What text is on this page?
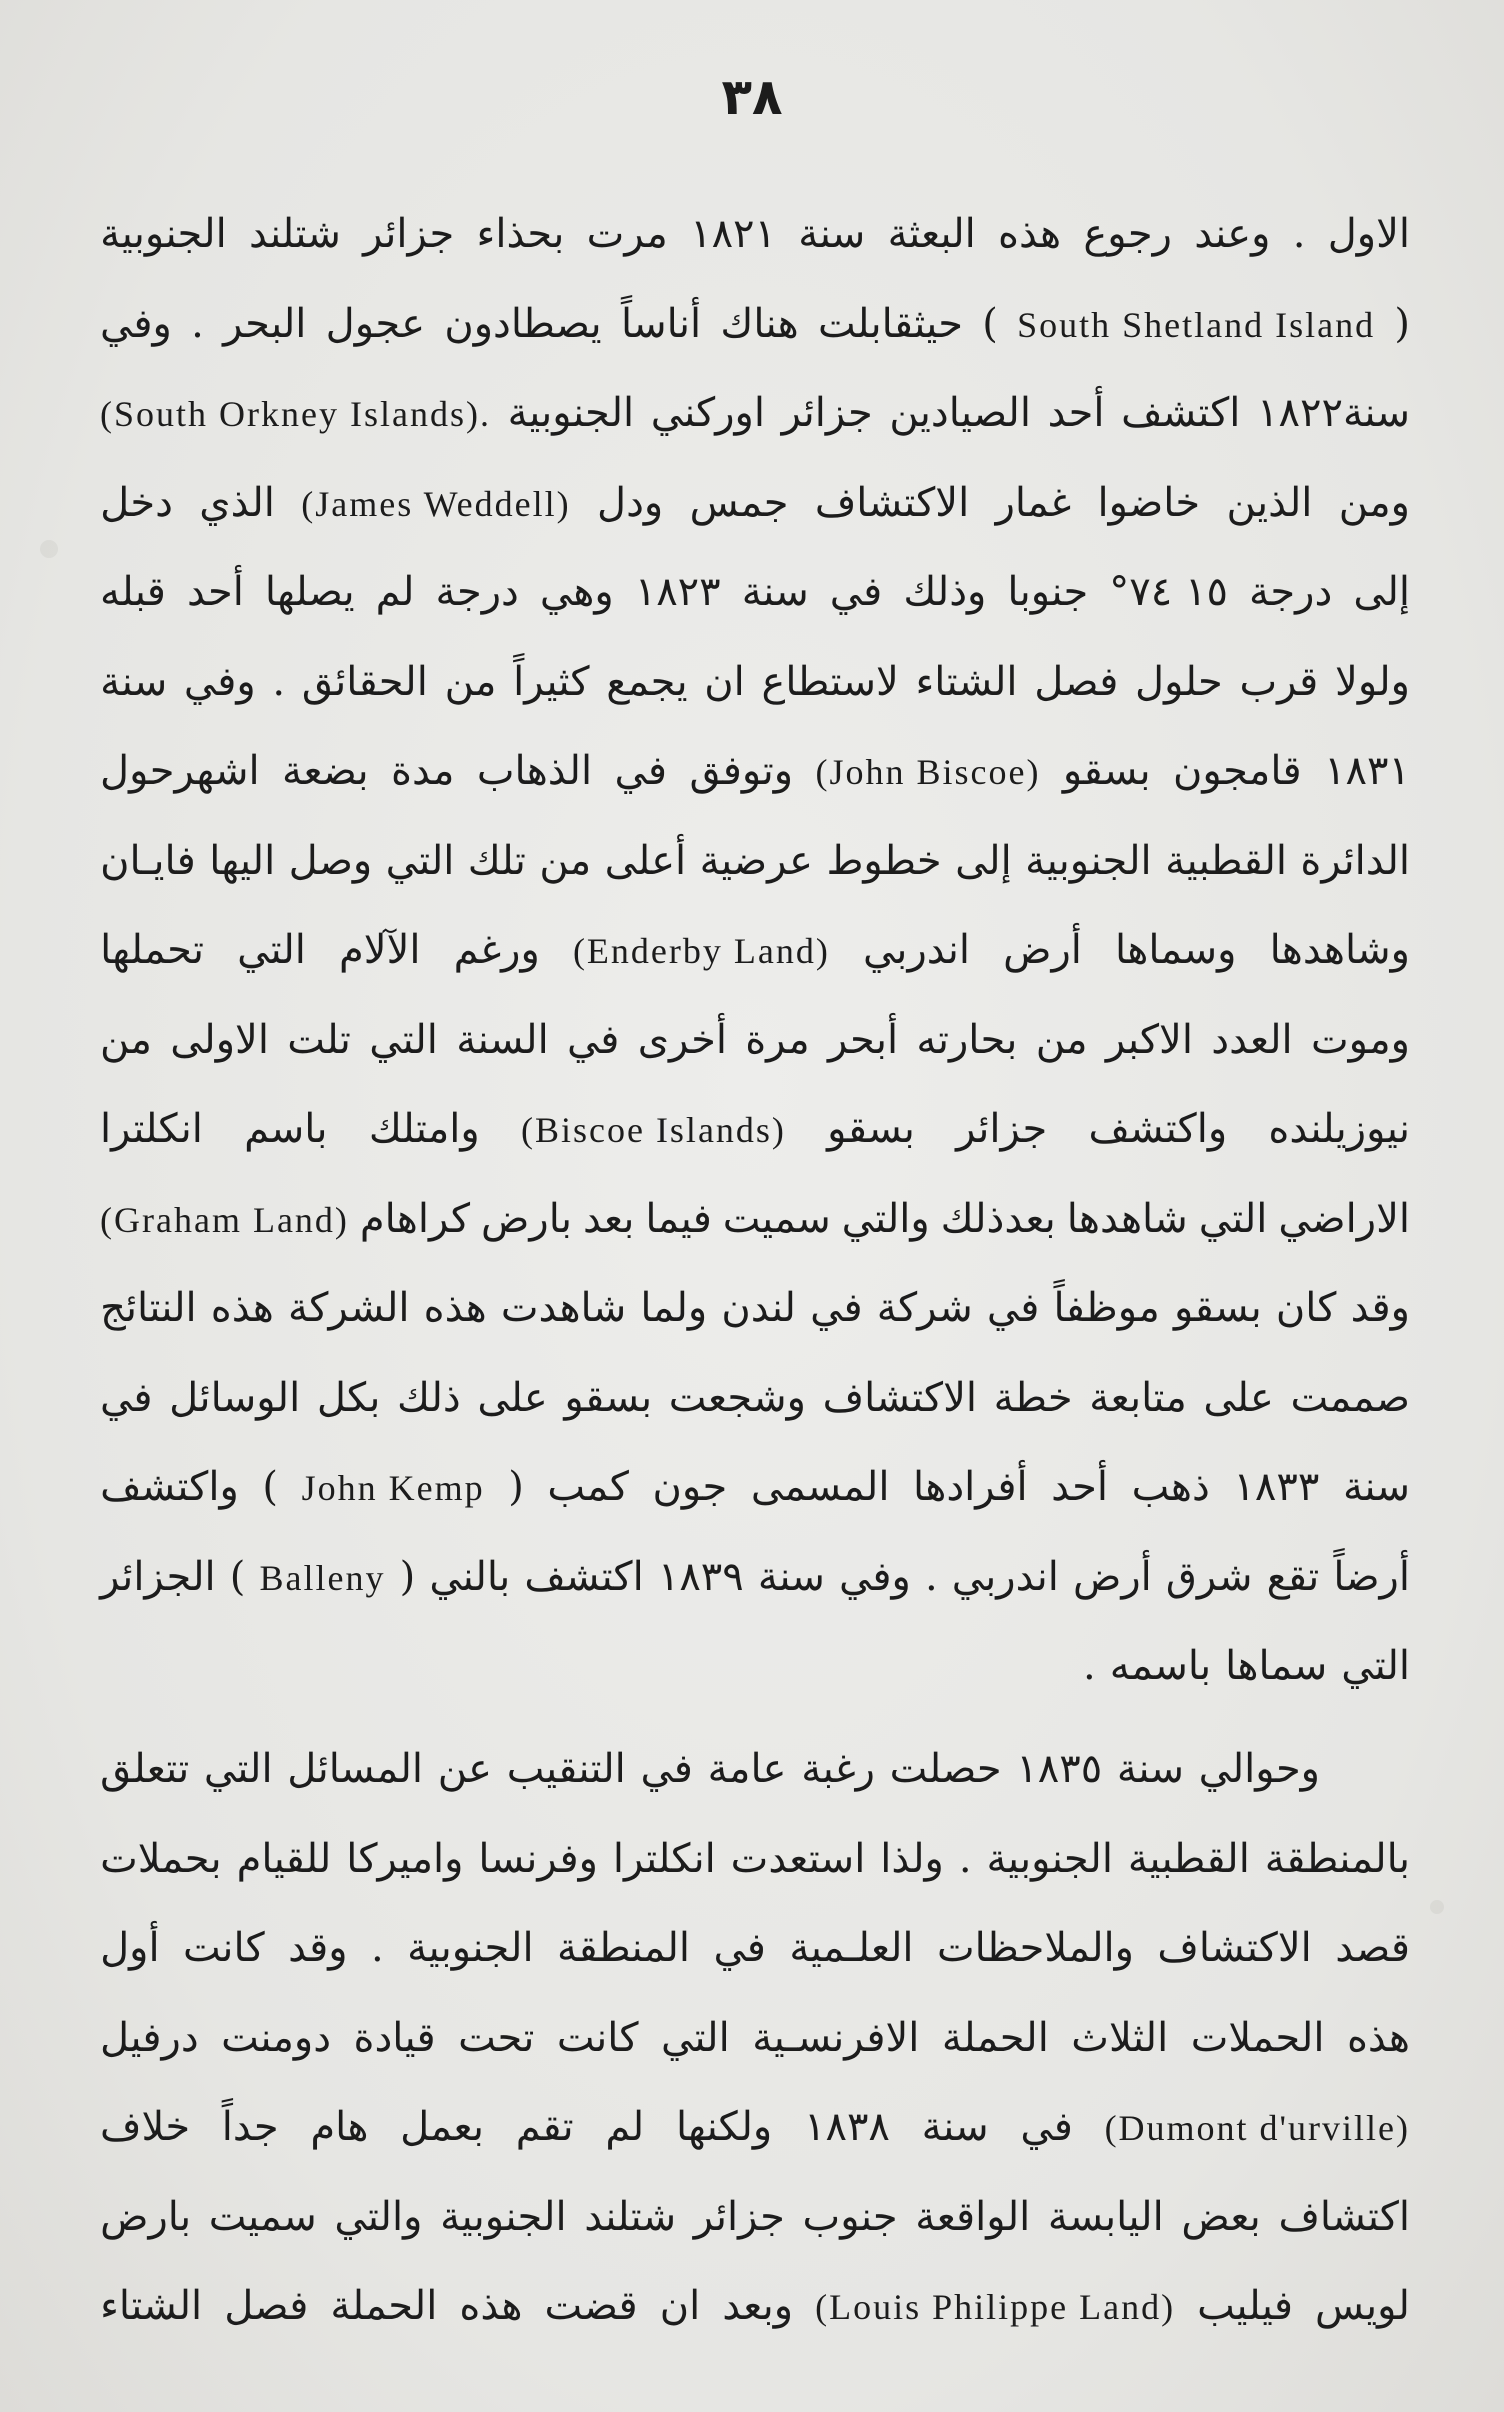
٣٨
الاول
.
وعند
رجوع
هذه
البعثة
سنة
١٨٢١
مرت
بحذاء
جزائر
شتلند
الجنوبية
(
South Shetland Island
)
حيثقابلت
هناك
أناساً
يصطادون
عجول
البحر
.
وفي
سنة١٨٢٢
اكتشف
أحد
الصيادين
جزائر
اوركني
الجنوبية
(South Orkney Islands).
ومن
الذين
خاضوا
غمار
الاكتشاف
جمس
ودل
(James Weddell)
الذي
دخل
إلى
درجة
١٥ ٧٤°
جنوبا
وذلك
في
سنة
١٨٢٣
وهي
درجة
لم
يصلها
أحد
قبله
ولولا
قرب
حلول
فصل
الشتاء
لاستطاع
ان
يجمع
كثيراً
من
الحقائق
.
وفي
سنة
١٨٣١
قامجون
بسقو
(John Biscoe)
وتوفق
في
الذهاب
مدة
بضعة
اشهرحول
الدائرة
القطبية
الجنوبية
إلى
خطوط
عرضية
أعلى
من
تلك
التي
وصل
اليها
فايـان
وشاهدها
وسماها
أرض
اندربي
(Enderby Land)
ورغم
الآلام
التي
تحملها
وموت
العدد
الاكبر
من
بحارته
أبحر
مرة
أخرى
في
السنة
التي
تلت
الاولى
من
نيوزيلنده
واكتشف
جزائر
بسقو
(Biscoe Islands)
وامتلك
باسم
انكلترا
الاراضي
التي
شاهدها
بعدذلك
والتي
سميت
فيما
بعد
بارض
كراهام
(Graham Land)
وقد
كان
بسقو
موظفاً
في
شركة
في
لندن
ولما
شاهدت
هذه
الشركة
هذه
النتائج
صممت
على
متابعة
خطة
الاكتشاف
وشجعت
بسقو
على
ذلك
بكل
الوسائل
في
سنة
١٨٣٣
ذهب
أحد
أفرادها
المسمى
جون
كمب
(
John Kemp
)
واكتشف
أرضاً
تقع
شرق
أرض
اندربي
.
وفي
سنة
١٨٣٩
اكتشف
بالني
(
Balleny
)
الجزائر
التي
سماها
باسمه
.
وحوالي
سنة
١٨٣٥
حصلت
رغبة
عامة
في
التنقيب
عن
المسائل
التي
تتعلق
بالمنطقة
القطبية
الجنوبية
.
ولذا
استعدت
انكلترا
وفرنسا
واميركا
للقيام
بحملات
قصد
الاكتشاف
والملاحظات
العلـمية
في
المنطقة
الجنوبية
.
وقد
كانت
أول
هذه
الحملات
الثلاث
الحملة
الافرنسـية
التي
كانت
تحت
قيادة
دومنت
درفيل
(Dumont d'urville)
في
سنة
١٨٣٨
ولكنها
لم
تقم
بعمل
هام
جداً
خلاف
اكتشاف
بعض
اليابسة
الواقعة
جنوب
جزائر
شتلند
الجنوبية
والتي
سميت
بارض
لويس
فيليب
(Louis Philippe Land)
وبعد
ان
قضت
هذه
الحملة
فصل
الشتاء
